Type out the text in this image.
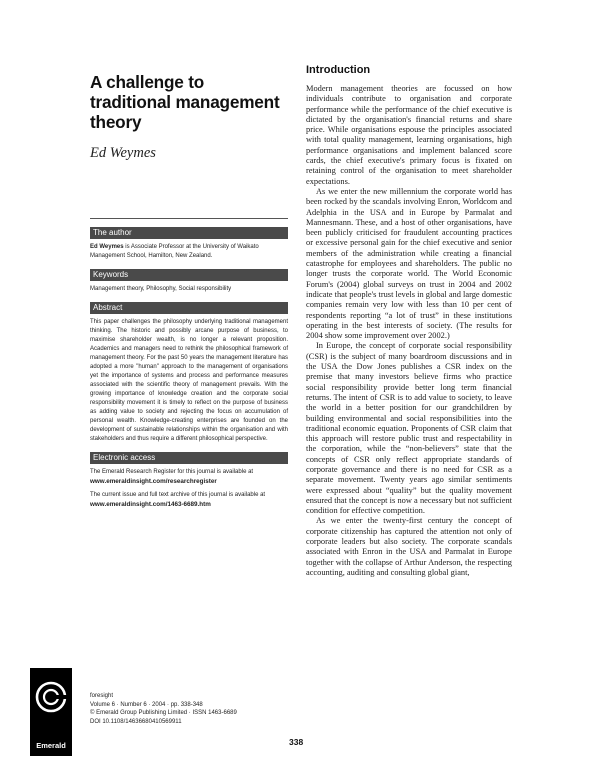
A challenge to traditional management theory
Ed Weymes
The author

Ed Weymes is Associate Professor at the University of Waikato Management School, Hamilton, New Zealand.

Keywords

Management theory, Philosophy, Social responsibility

Abstract

This paper challenges the philosophy underlying traditional management thinking. The historic and possibly arcane purpose of business, to maximise shareholder wealth, is no longer a relevant proposition. Academics and managers need to rethink the philosophical framework of management theory. For the past 50 years the management literature has adopted a more "human" approach to the management of organisations yet the importance of systems and process and performance measures associated with the scientific theory of management prevails. With the growing importance of knowledge creation and the corporate social responsibility movement it is timely to reflect on the purpose of business as adding value to society and rejecting the focus on accumulation of personal wealth. Knowledge-creating enterprises are founded on the development of sustainable relationships within the organisation and with stakeholders and thus require a different philosophical perspective.

Electronic access

The Emerald Research Register for this journal is available at
www.emeraldinsight.com/researchregister

The current issue and full text archive of this journal is available at
www.emeraldinsight.com/1463-6689.htm

Emerald
foresight
Volume 6 · Number 6 · 2004 · pp. 338-348
© Emerald Group Publishing Limited · ISSN 1463-6689
DOI 10.1108/14636680410569911
Introduction

Modern management theories are focussed on how individuals contribute to organisation and corporate performance while the performance of the chief executive is dictated by the organisation's financial returns and share price. While organisations espouse the principles associated with total quality management, learning organisations, high performance organisations and implement balanced score cards, the chief executive's primary focus is fixated on retaining control of the organisation to meet shareholder expectations.

As we enter the new millennium the corporate world has been rocked by the scandals involving Enron, Worldcom and Adelphia in the USA and in Europe by Parmalat and Mannesmann. These, and a host of other organisations, have been publicly criticised for fraudulent accounting practices or excessive personal gain for the chief executive and senior members of the administration while creating a financial catastrophe for employees and shareholders. The public no longer trusts the corporate world. The World Economic Forum's (2004) global surveys on trust in 2004 and 2002 indicate that people's trust levels in global and large domestic companies remain very low with less than 10 per cent of respondents reporting “a lot of trust” in these institutions operating in the best interests of society. (The results for 2004 show some improvement over 2002.)

In Europe, the concept of corporate social responsibility (CSR) is the subject of many boardroom discussions and in the USA the Dow Jones publishes a CSR index on the premise that many investors believe firms who practice social responsibility provide better long term financial returns. The intent of CSR is to add value to society, to leave the world in a better position for our grandchildren by building environmental and social responsibilities into the traditional economic equation. Proponents of CSR claim that this approach will restore public trust and respectability in the corporation, while the “non-believers” state that the concepts of CSR only reflect appropriate standards of corporate governance and there is no need for CSR as a separate movement. Twenty years ago similar sentiments were expressed about “quality” but the quality movement ensured that the concept is now a necessary but not sufficient condition for effective competition.

As we enter the twenty-first century the concept of corporate citizenship has captured the attention not only of corporate leaders but also society. The corporate scandals associated with Enron in the USA and Parmalat in Europe together with the collapse of Arthur Anderson, the respecting accounting, auditing and consulting global giant,

338
